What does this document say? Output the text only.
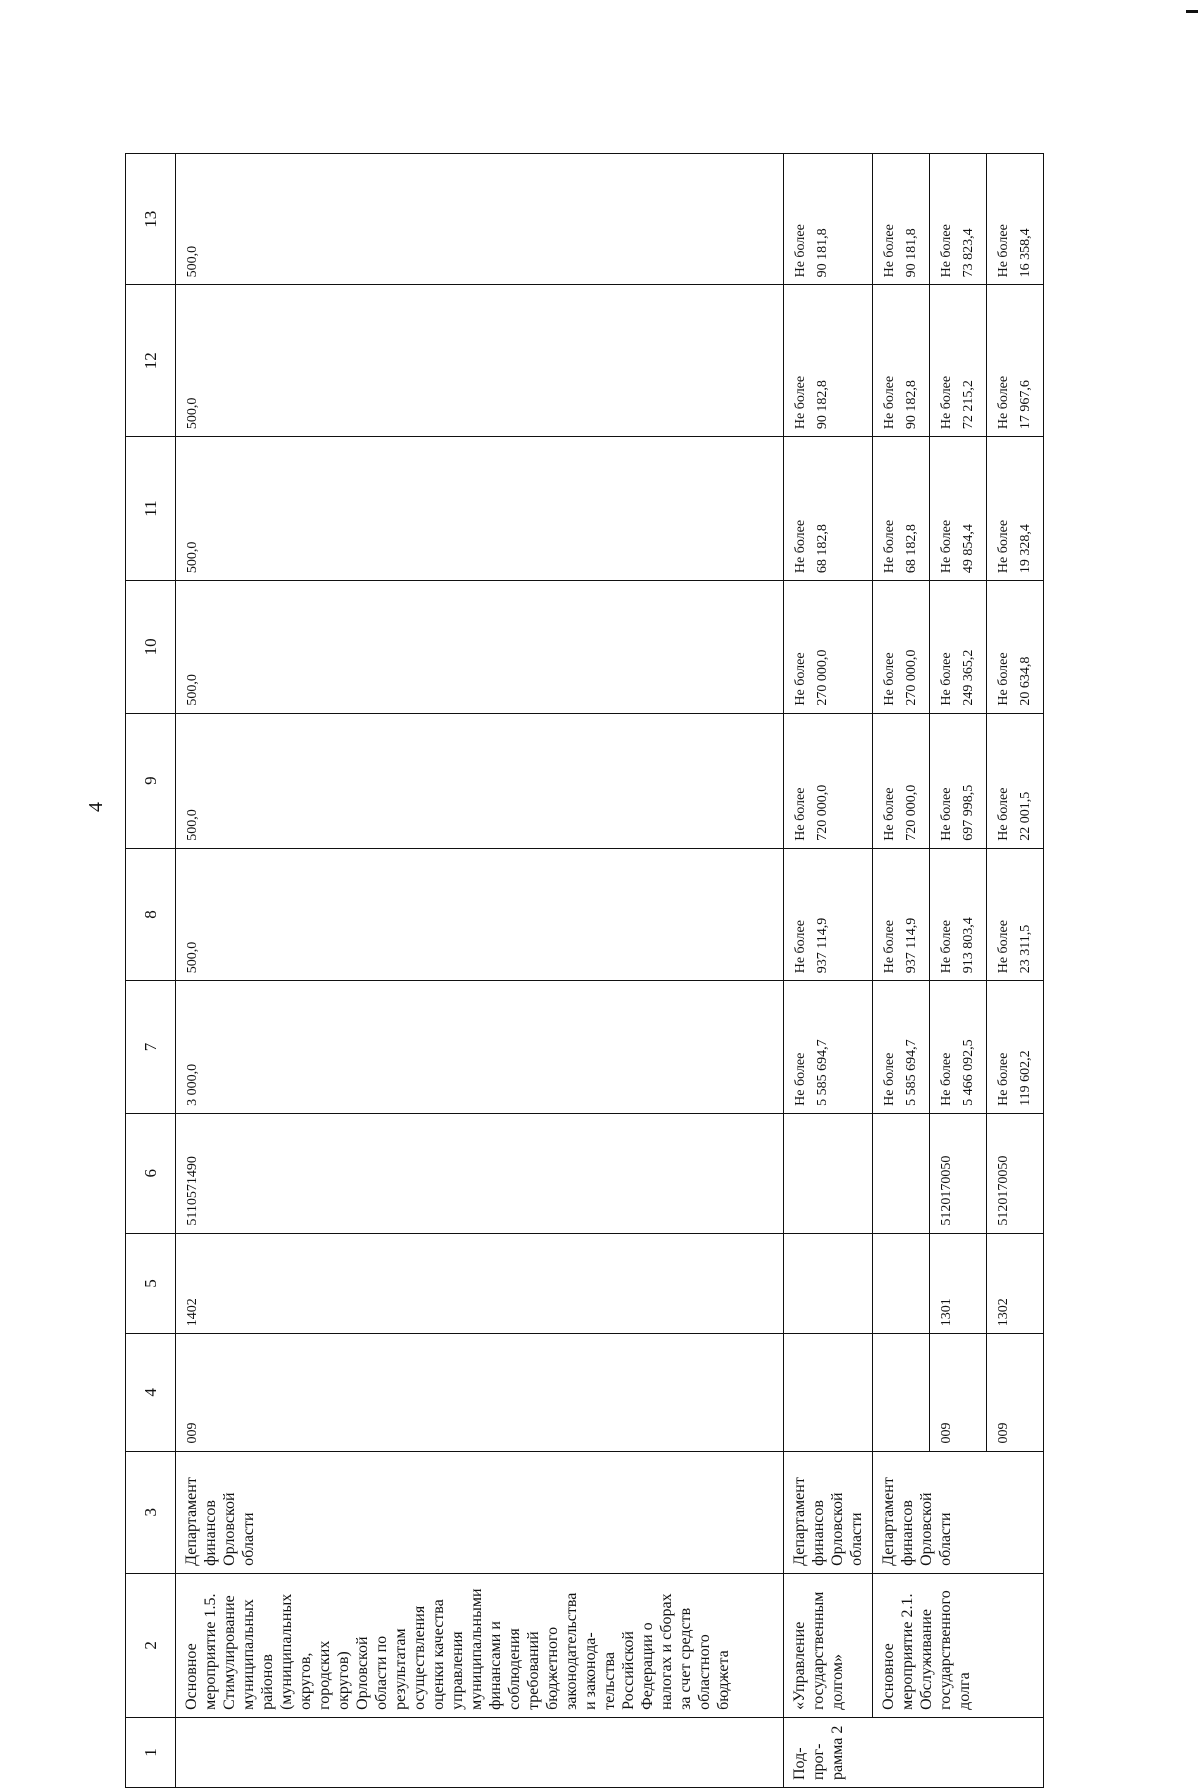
4
1	2	3	4	5	6	7	8	9	10	11	12	13
	Основное мероприятие 1.5. Стимулирование муниципальных районов (муниципальных округов, городских округов) Орловской области по результатам осуществления оценки качества управления муниципальными финансами и соблюдения требований бюджетного законодательства и законода-тельства Российской Федерации о налогах и сборах за счет средств областного бюджета	Департамент финансов Орловской области	009	1402	5110571490	3 000,0	500,0	500,0	500,0	500,0	500,0	500,0

Под-прог-рамма 2	«Управление государственным долгом»	Департамент финансов Орловской области				Не более 5 585 694,7	Не более 937 114,9	Не более 720 000,0	Не более 270 000,0	Не более 68 182,8	Не более 90 182,8	Не более 90 181,8

	Основное мероприятие 2.1. Обслуживание государственного долга	Департамент финансов Орловской области				Не более 5 585 694,7	Не более 937 114,9	Не более 720 000,0	Не более 270 000,0	Не более 68 182,8	Не более 90 182,8	Не более 90 181,8

			009	1301	5120170050	Не более 5 466 092,5	Не более 913 803,4	Не более 697 998,5	Не более 249 365,2	Не более 49 854,4	Не более 72 215,2	Не более 73 823,4

			009	1302	5120170050	Не более 119 602,2	Не более 23 311,5	Не более 22 001,5	Не более 20 634,8	Не более 19 328,4	Не более 17 967,6	Не более 16 358,4
